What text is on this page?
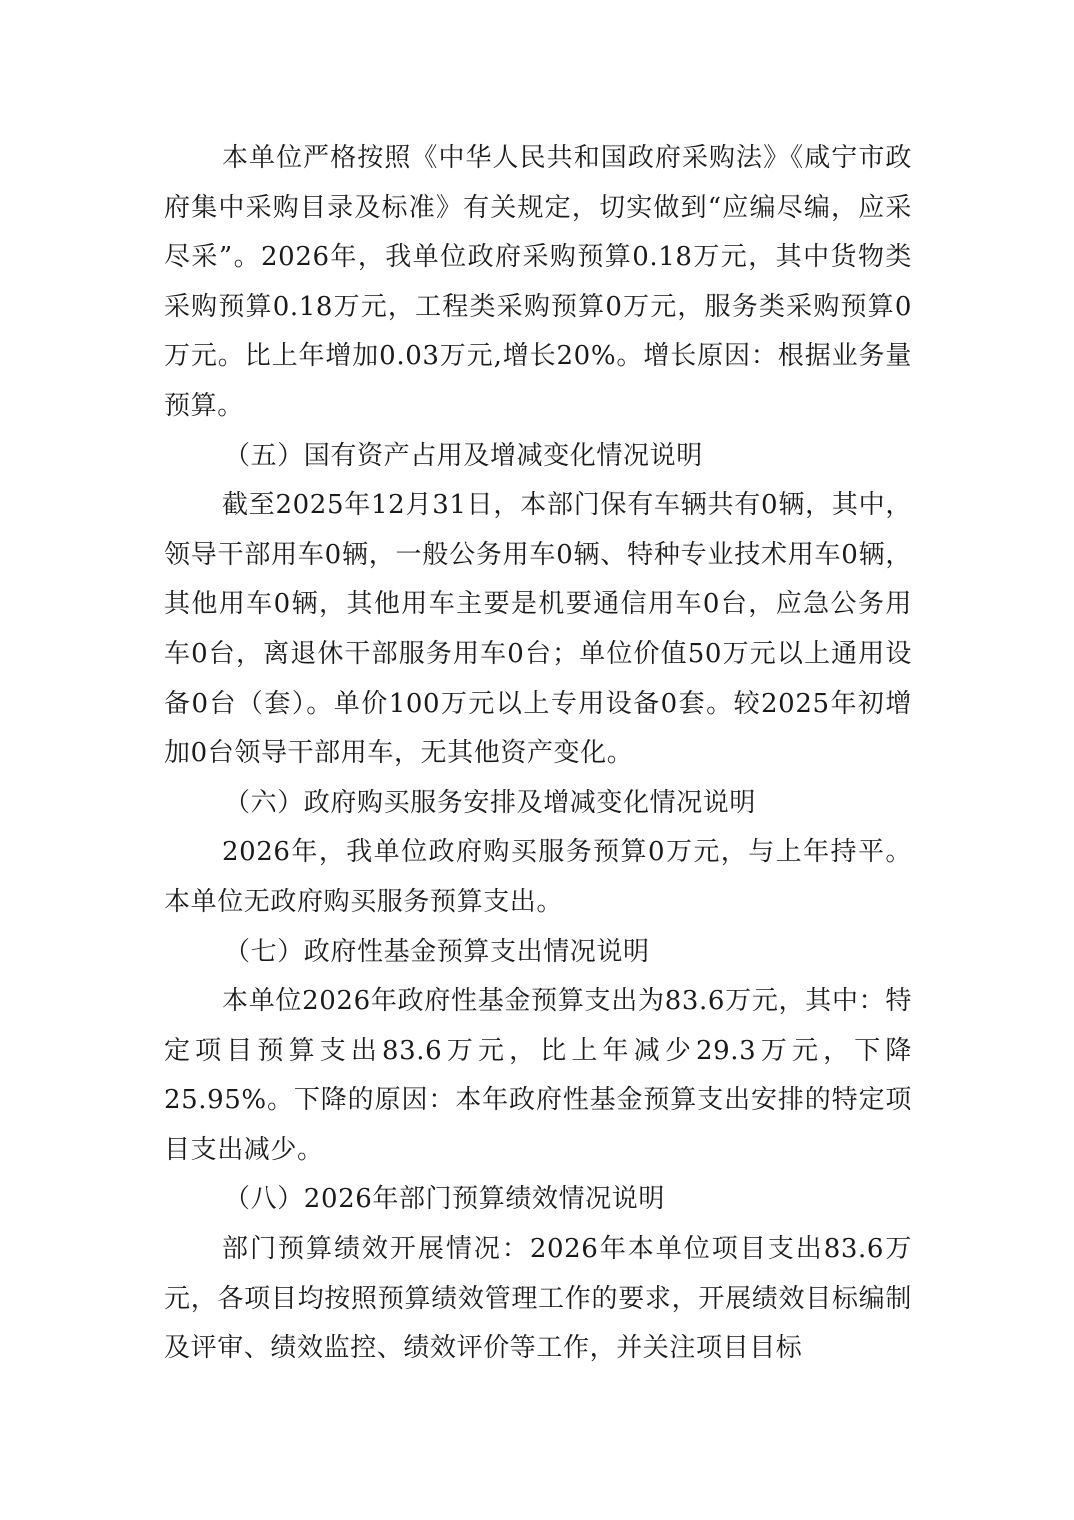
本单位严格按照《中华人民共和国政府采购法》《咸宁市政府集中采购目录及标准》有关规定，切实做到“应编尽编，应采尽采”。2026年，我单位政府采购预算0.18万元，其中货物类采购预算0.18万元，工程类采购预算0万元，服务类采购预算0万元。比上年增加0.03万元,增长20%。增长原因：根据业务量预算。

（五）国有资产占用及增减变化情况说明

截至2025年12月31日，本部门保有车辆共有0辆，其中，领导干部用车0辆，一般公务用车0辆、特种专业技术用车0辆，其他用车0辆，其他用车主要是机要通信用车0台，应急公务用车0台，离退休干部服务用车0台；单位价值50万元以上通用设备0台（套）。单价100万元以上专用设备0套。较2025年初增加0台领导干部用车，无其他资产变化。

（六）政府购买服务安排及增减变化情况说明

2026年，我单位政府购买服务预算0万元，与上年持平。本单位无政府购买服务预算支出。

（七）政府性基金预算支出情况说明

本单位2026年政府性基金预算支出为83.6万元，其中：特定项目预算支出83.6万元，比上年减少29.3万元，下降25.95%。下降的原因：本年政府性基金预算支出安排的特定项目支出减少。

（八）2026年部门预算绩效情况说明

部门预算绩效开展情况：2026年本单位项目支出83.6万元，各项目均按照预算绩效管理工作的要求，开展绩效目标编制及评审、绩效监控、绩效评价等工作，并关注项目目标
